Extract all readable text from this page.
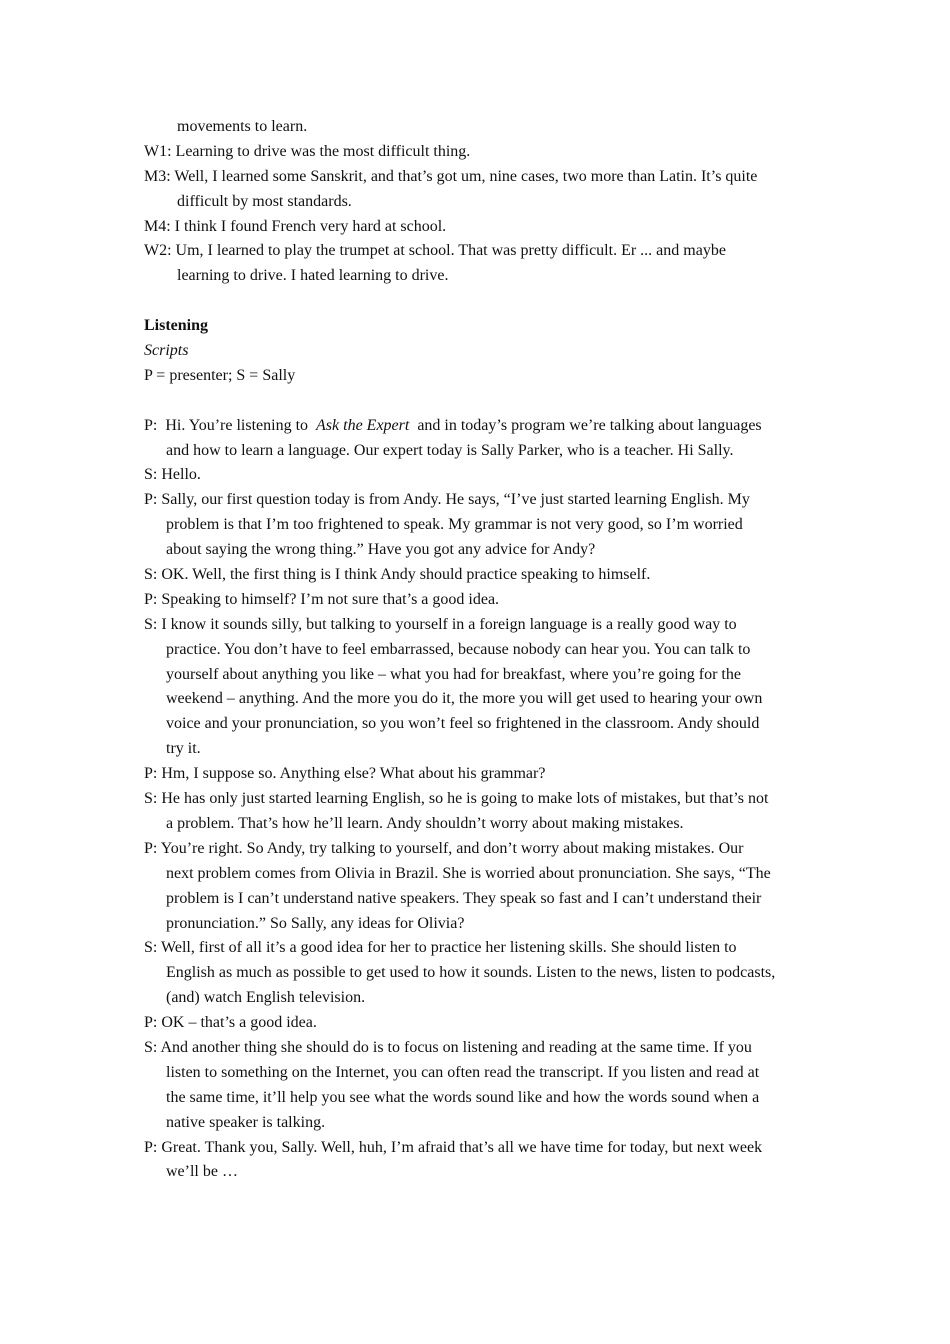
movements to learn.
W1: Learning to drive was the most difficult thing.
M3: Well, I learned some Sanskrit, and that’s got um, nine cases, two more than Latin. It’s quite
difficult by most standards.
M4: I think I found French very hard at school.
W2: Um, I learned to play the trumpet at school. That was pretty difficult. Er ... and maybe
learning to drive. I hated learning to drive.
Listening
Scripts
P = presenter; S = Sally
P:  Hi. You’re listening to  Ask the Expert  and in today’s program we’re talking about languages
and how to learn a language. Our expert today is Sally Parker, who is a teacher. Hi Sally.
S: Hello.
P: Sally, our first question today is from Andy. He says, “I’ve just started learning English. My
problem is that I’m too frightened to speak. My grammar is not very good, so I’m worried
about saying the wrong thing.” Have you got any advice for Andy?
S: OK. Well, the first thing is I think Andy should practice speaking to himself.
P: Speaking to himself? I’m not sure that’s a good idea.
S: I know it sounds silly, but talking to yourself in a foreign language is a really good way to
practice. You don’t have to feel embarrassed, because nobody can hear you. You can talk to
yourself about anything you like – what you had for breakfast, where you’re going for the
weekend – anything. And the more you do it, the more you will get used to hearing your own
voice and your pronunciation, so you won’t feel so frightened in the classroom. Andy should
try it.
P: Hm, I suppose so. Anything else? What about his grammar?
S: He has only just started learning English, so he is going to make lots of mistakes, but that’s not
a problem. That’s how he’ll learn. Andy shouldn’t worry about making mistakes.
P: You’re right. So Andy, try talking to yourself, and don’t worry about making mistakes. Our
next problem comes from Olivia in Brazil. She is worried about pronunciation. She says, “The
problem is I can’t understand native speakers. They speak so fast and I can’t understand their
pronunciation.” So Sally, any ideas for Olivia?
S: Well, first of all it’s a good idea for her to practice her listening skills. She should listen to
English as much as possible to get used to how it sounds. Listen to the news, listen to podcasts,
(and) watch English television.
P: OK – that’s a good idea.
S: And another thing she should do is to focus on listening and reading at the same time. If you
listen to something on the Internet, you can often read the transcript. If you listen and read at
the same time, it’ll help you see what the words sound like and how the words sound when a
native speaker is talking.
P: Great. Thank you, Sally. Well, huh, I’m afraid that’s all we have time for today, but next week
we’ll be …
